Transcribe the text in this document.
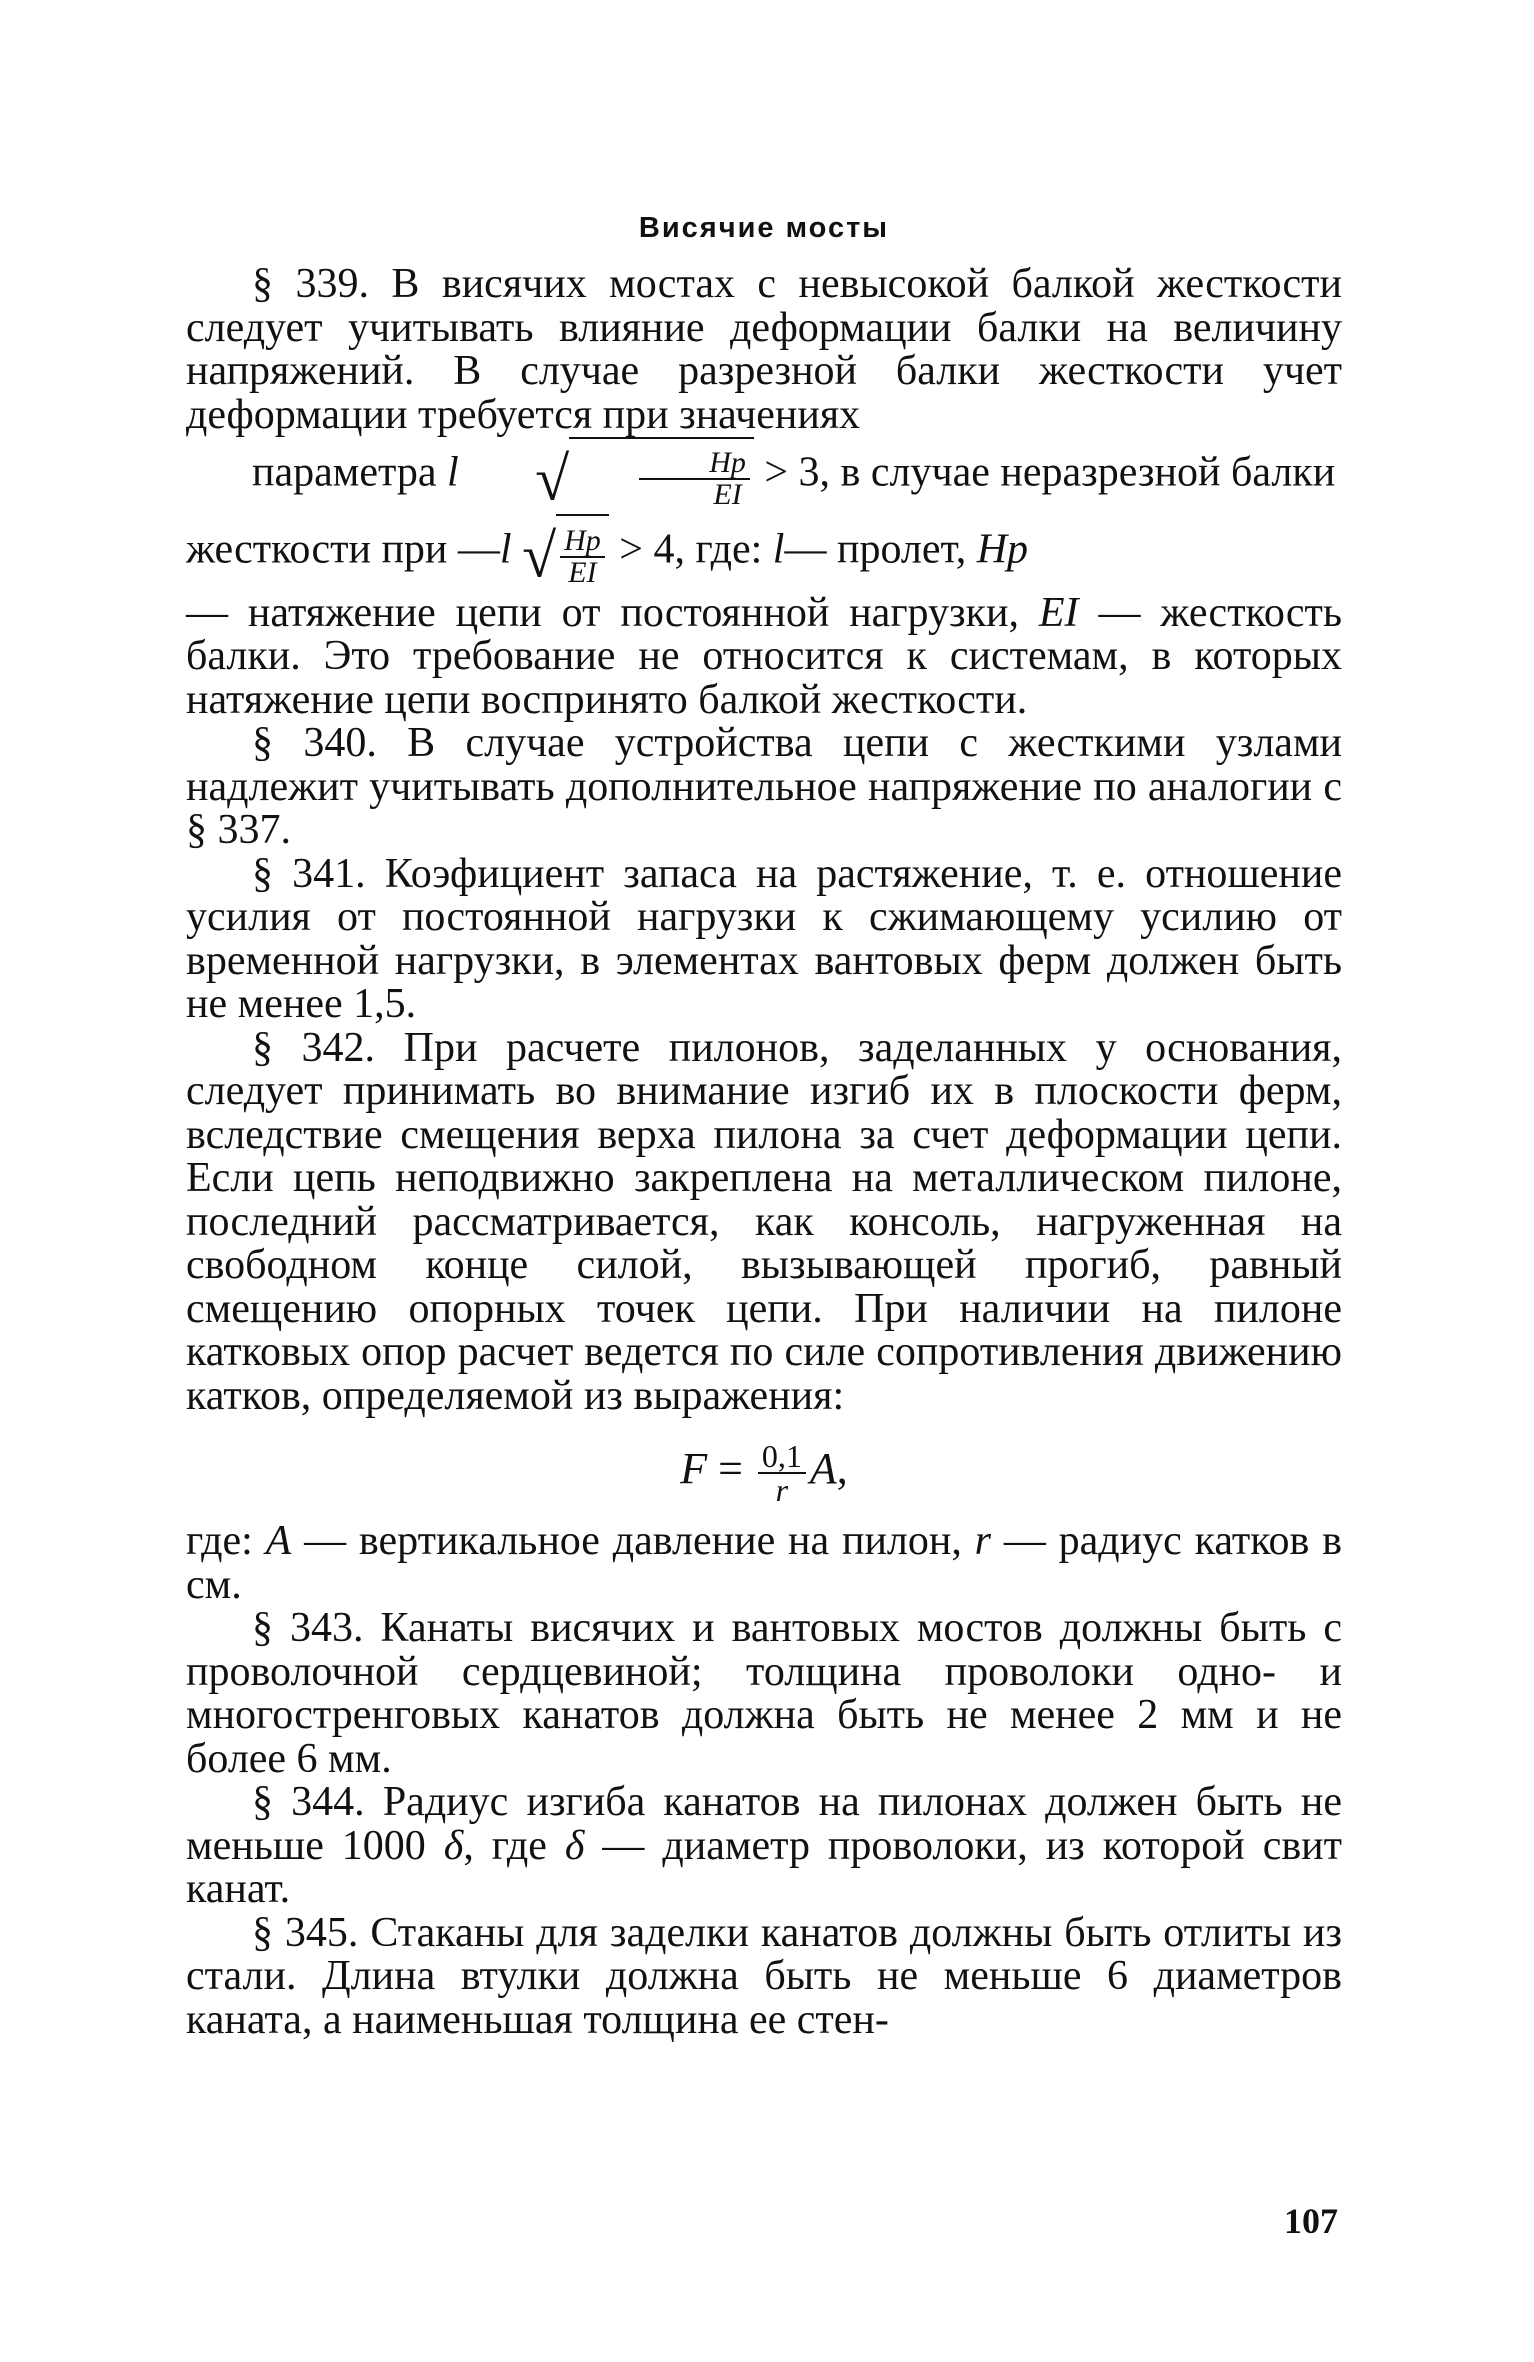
Висячие мосты

§ 339. В висячих мостах с невысокой балкой жесткости следует учитывать влияние деформации балки на величину напряжений. В случае разрезной балки жесткости учет деформации требуется при значениях
параметра l √ $\frac{Hp}{EI} > 3$, в случае неразрезной балки
жесткости при —l √ $\frac{Hp}{EI} > 4$, где: l— пролет, Hp
— натяжение цепи от постоянной нагрузки, EI — жесткость балки. Это требование не относится к системам, в которых натяжение цепи воспринято балкой жесткости.

§ 340. В случае устройства цепи с жесткими узлами надлежит учитывать дополнительное напряжение по аналогии с § 337.

§ 341. Коэфициент запаса на растяжение, т. е. отношение усилия от постоянной нагрузки к сжимающему усилию от временной нагрузки, в элементах вантовых ферм должен быть не менее 1,5.

§ 342. При расчете пилонов, заделанных у основания, следует принимать во внимание изгиб их в плоскости ферм, вследствие смещения верха пилона за счет деформации цепи. Если цепь неподвижно закреплена на металлическом пилоне, последний рассматривается, как консоль, нагруженная на свободном конце силой, вызывающей прогиб, равный смещению опорных точек цепи. При наличии на пилоне катковых опор расчет ведется по силе сопротивления движению катков, определяемой из выражения:

$F = \frac{0,1}{r} A$,

где: A — вертикальное давление на пилон, r — радиус катков в см.

§ 343. Канаты висячих и вантовых мостов должны быть с проволочной сердцевиной; толщина проволоки одно- и многостренговых канатов должна быть не менее 2 мм и не более 6 мм.

§ 344. Радиус изгиба канатов на пилонах должен быть не меньше 1000 δ, где δ — диаметр проволоки, из которой свит канат.

§ 345. Стаканы для заделки канатов должны быть отлиты из стали. Длина втулки должна быть не меньше 6 диаметров каната, а наименьшая толщина ее стен-

107
